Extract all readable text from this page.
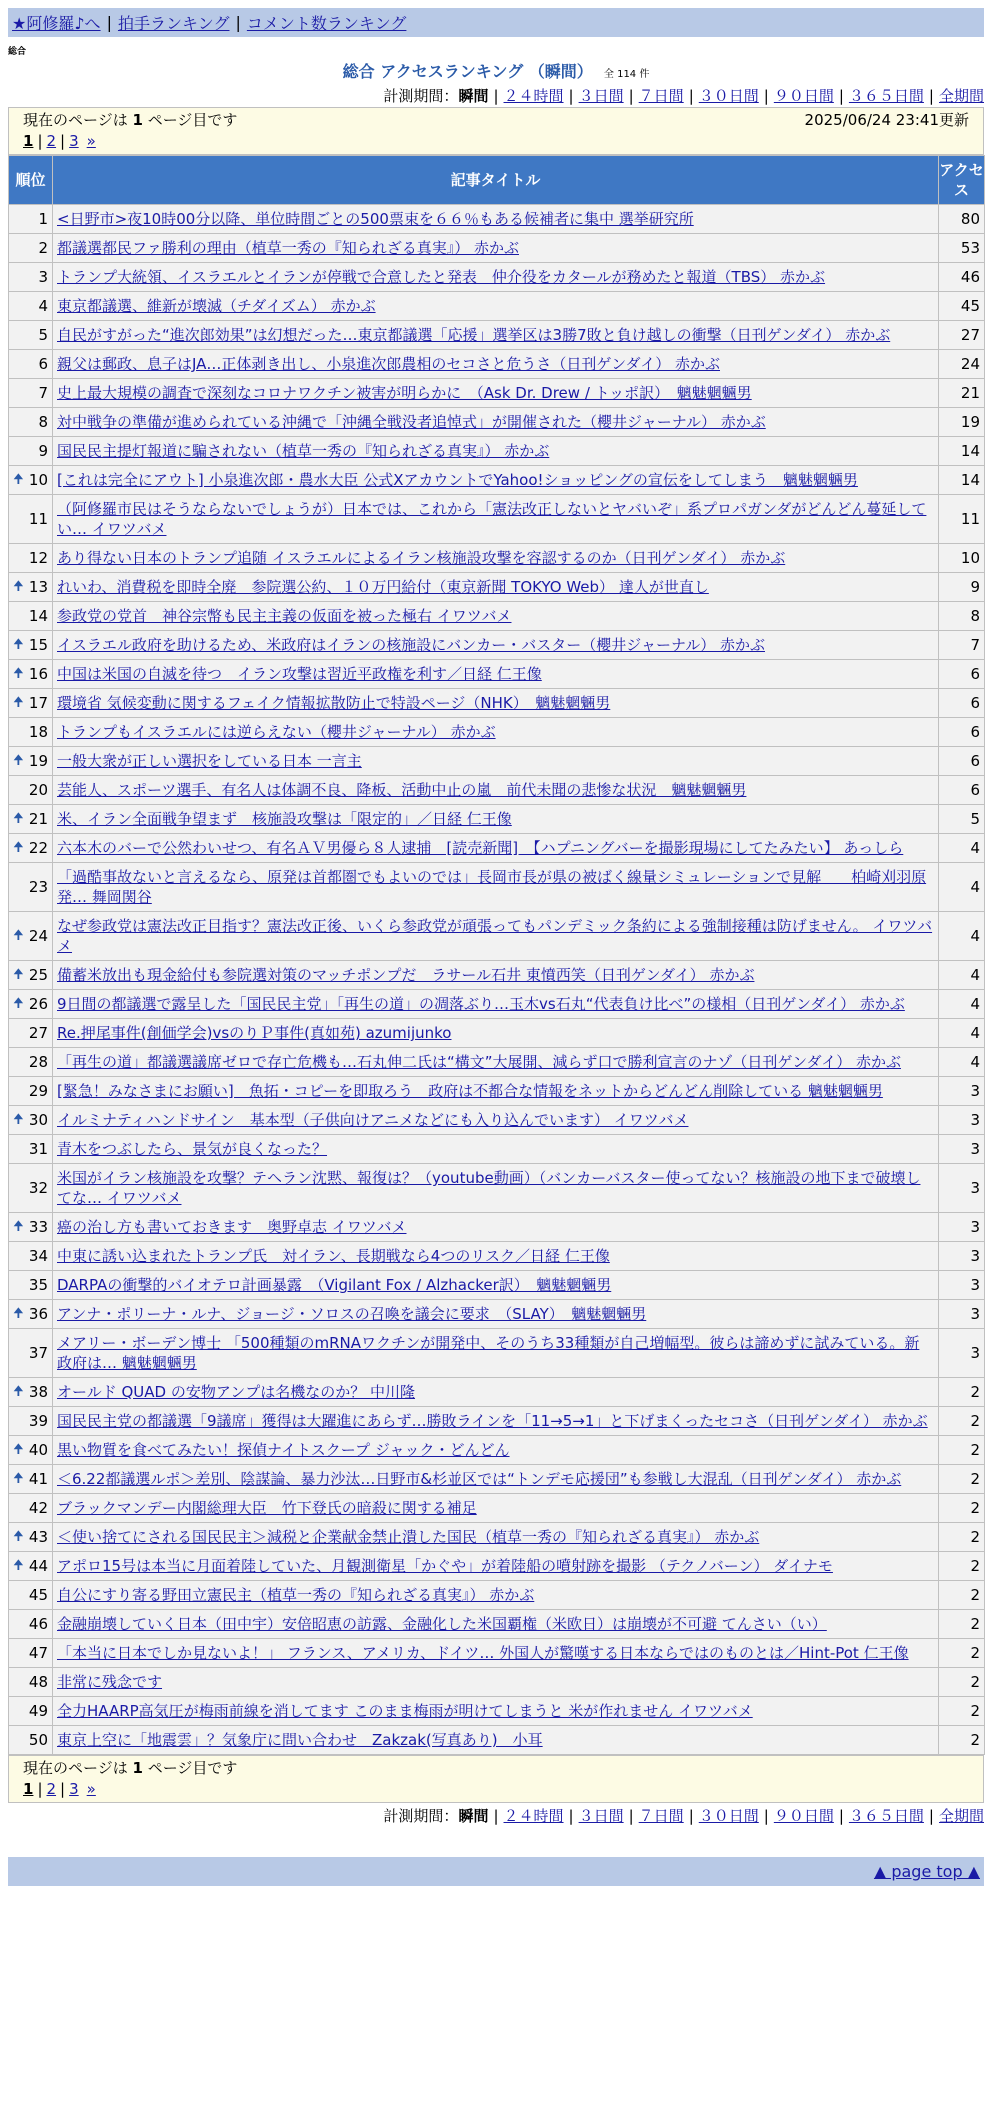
★阿修羅♪へ | 拍手ランキング | コメント数ランキング
総合
総合 アクセスランキング （瞬間） 全 114 件
計測期間：瞬間 | ２４時間 | ３日間 | ７日間 | ３０日間 | ９０日間 | ３６５日間 | 全期間
現在のページは 1 ページ目です	2025/06/24 23:41更新
1 | 2 | 3 »
順位	記事タイトル	アクセス
1	<日野市>夜10時00分以降、単位時間ごとの500票束を６６％もある候補者に集中 選挙研究所	80
2	都議選都民ファ勝利の理由（植草一秀の『知られざる真実』） 赤かぶ	53
3	トランプ大統領、イスラエルとイランが停戦で合意したと発表　仲介役をカタールが務めたと報道（TBS） 赤かぶ	46
4	東京都議選、維新が壊滅（チダイズム） 赤かぶ	45
5	自民がすがった“進次郎効果”は幻想だった…東京都議選「応援」選挙区は3勝7敗と負け越しの衝撃（日刊ゲンダイ） 赤かぶ	27
6	親父は郵政、息子はJA…正体剥き出し、小泉進次郎農相のセコさと危うさ（日刊ゲンダイ） 赤かぶ	24
7	史上最大規模の調査で深刻なコロナワクチン被害が明らかに　（Ask Dr. Drew / トッポ訳）　魑魅魍魎男	21
8	対中戦争の準備が進められている沖縄で「沖縄全戦没者追悼式」が開催された（櫻井ジャーナル） 赤かぶ	19
9	国民民主提灯報道に騙されない（植草一秀の『知られざる真実』） 赤かぶ	14

🠉 10	[これは完全にアウト] 小泉進次郎・農水大臣 公式XアカウントでYahoo!ショッピングの宣伝をしてしまう　魑魅魍魎男	14
11	（阿修羅市民はそうならないでしょうが）日本では、これから「憲法改正しないとヤバいぞ」系プロパガンダがどんどん蔓延してい… イワツバメ	11
12	あり得ない日本のトランプ追随 イスラエルによるイラン核施設攻撃を容認するのか（日刊ゲンダイ） 赤かぶ	10

🠉 13	れいわ、消費税を即時全廃　参院選公約、１０万円給付（東京新聞 TOKYO Web） 達人が世直し	9
14	参政党の党首　神谷宗幣も民主主義の仮面を被った極右 イワツバメ	8

🠉 15	イスラエル政府を助けるため、米政府はイランの核施設にバンカー・バスター（櫻井ジャーナル） 赤かぶ	7

🠉 16	中国は米国の自滅を待つ　イラン攻撃は習近平政権を利す／日経 仁王像	6

🠉 17	環境省 気候変動に関するフェイク情報拡散防止で特設ページ（NHK）　魑魅魍魎男	6
18	トランプもイスラエルには逆らえない（櫻井ジャーナル） 赤かぶ	6

🠉 19	一般大衆が正しい選択をしている日本 一言主	6
20	芸能人、スポーツ選手、有名人は体調不良、降板、活動中止の嵐　前代未聞の悲惨な状況　魑魅魍魎男	6

🠉 21	米、イラン全面戦争望まず　核施設攻撃は「限定的」／日経 仁王像	5

🠉 22	六本木のバーで公然わいせつ、有名ＡＶ男優ら８人逮捕　[読売新聞]　【ハプニングバーを撮影現場にしてたみたい】 あっしら	4
23	「過酷事故ないと言えるなら、原発は首都圏でもよいのでは」長岡市長が県の被ばく線量シミュレーションで見解　　柏崎刈羽原発… 舞岡関谷	4

🠉 24	なぜ参政党は憲法改正目指す？憲法改正後、いくら参政党が頑張ってもパンデミック条約による強制接種は防げません。 イワツバメ	4

🠉 25	備蓄米放出も現金給付も参院選対策のマッチポンプだ　ラサール石井 東憤西笑（日刊ゲンダイ） 赤かぶ	4

🠉 26	9日間の都議選で露呈した「国民民主党」「再生の道」の凋落ぶり…玉木vs石丸“代表負け比べ”の様相（日刊ゲンダイ） 赤かぶ	4
27	Re.押尾事件(創価学会)vsのりＰ事件(真如苑) azumijunko	4
28	「再生の道」都議選議席ゼロで存亡危機も…石丸伸二氏は“構文”大展開、減らず口で勝利宣言のナゾ（日刊ゲンダイ） 赤かぶ	4
29	[緊急！みなさまにお願い]　魚拓・コピーを即取ろう　政府は不都合な情報をネットからどんどん削除している 魑魅魍魎男	3

🠉 30	イルミナティハンドサイン　基本型（子供向けアニメなどにも入り込んでいます） イワツバメ	3
31	青木をつぶしたら、景気が良くなった？	3
32	米国がイラン核施設を攻撃？テヘラン沈黙、報復は？（youtube動画）（バンカーバスター使ってない？核施設の地下まで破壊してな… イワツバメ	3

🠉 33	癌の治し方も書いておきます　奥野卓志 イワツバメ	3
34	中東に誘い込まれたトランプ氏　対イラン、長期戦なら4つのリスク／日経 仁王像	3
35	DARPAの衝撃的バイオテロ計画暴露　（Vigilant Fox / Alzhacker訳）　魑魅魍魎男	3

🠉 36	アンナ・ポリーナ・ルナ、ジョージ・ソロスの召喚を議会に要求　（SLAY）　魑魅魍魎男	3
37	メアリー・ボーデン博士 「500種類のmRNAワクチンが開発中、そのうち33種類が自己増幅型。彼らは諦めずに試みている。新政府は… 魑魅魍魎男	3

🠉 38	オールド QUAD の安物アンプは名機なのか？ 中川隆	2
39	国民民主党の都議選「9議席」獲得は大躍進にあらず…勝敗ラインを「11→5→1」と下げまくったセコさ（日刊ゲンダイ） 赤かぶ	2

🠉 40	黒い物質を食べてみたい！探偵ナイトスクープ ジャック・どんどん	2

🠉 41	＜6.22都議選ルポ＞差別、陰謀論、暴力沙汰…日野市&杉並区では“トンデモ応援団”も参戦し大混乱（日刊ゲンダイ） 赤かぶ	2
42	ブラックマンデー内閣総理大臣　竹下登氏の暗殺に関する補足	2

🠉 43	＜使い捨てにされる国民民主＞減税と企業献金禁止潰した国民（植草一秀の『知られざる真実』） 赤かぶ	2

🠉 44	アポロ15号は本当に月面着陸していた、月観測衛星「かぐや」が着陸船の噴射跡を撮影 （テクノバーン） ダイナモ	2
45	自公にすり寄る野田立憲民主（植草一秀の『知られざる真実』） 赤かぶ	2
46	金融崩壊していく日本（田中宇）安倍昭恵の訪露、金融化した米国覇権（米欧日）は崩壊が不可避 てんさい（い）	2
47	「本当に日本でしか見ないよ！」 フランス、アメリカ、ドイツ… 外国人が驚嘆する日本ならではのものとは／Hint-Pot 仁王像	2
48	非常に残念です	2
49	全力HAARP高気圧が梅雨前線を消してます このまま梅雨が明けてしまうと 米が作れません イワツバメ	2
50	東京上空に「地震雲」？気象庁に問い合わせ　Zakzak(写真あり)　小耳	2
現在のページは 1 ページ目です
1 | 2 | 3 »
計測期間：瞬間 | ２４時間 | ３日間 | ７日間 | ３０日間 | ９０日間 | ３６５日間 | 全期間
▲ page top ▲
